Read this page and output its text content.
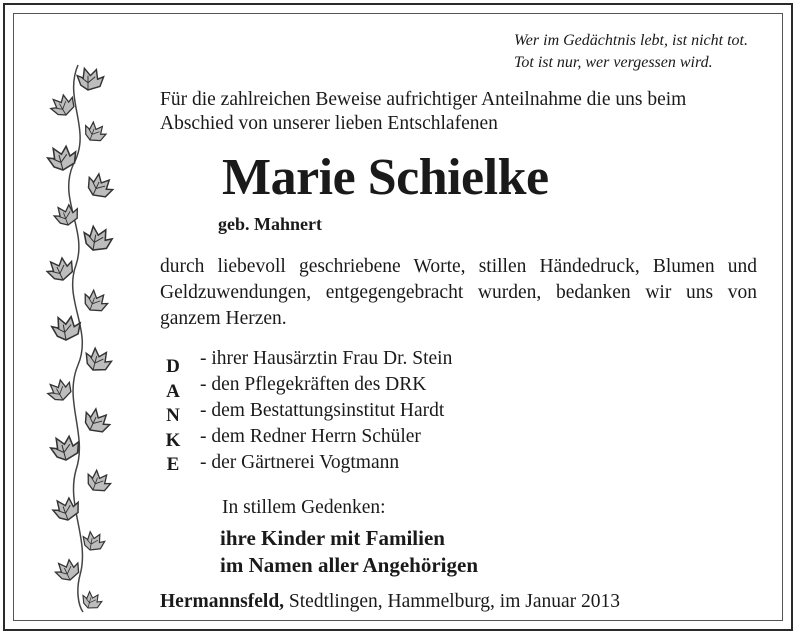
Wer im Gedächtnis lebt, ist nicht tot.
Tot ist nur, wer vergessen wird.
Für die zahlreichen Beweise aufrichtiger Anteilnahme die uns beim Abschied von unserer lieben Entschlafenen
Marie Schielke
geb. Mahnert
durch liebevoll geschriebene Worte, stillen Händedruck, Blumen und Geldzuwendungen, entgegengebracht wurden, bedanken wir uns von ganzem Herzen.
D
A
N
K
E
- ihrer Hausärztin Frau Dr. Stein
- den Pflegekräften des DRK
- dem Bestattungsinstitut Hardt
- dem Redner Herrn Schüler
- der Gärtnerei Vogtmann
In stillem Gedenken:
ihre Kinder mit Familien
im Namen aller Angehörigen
Hermannsfeld, Stedtlingen, Hammelburg, im Januar 2013
